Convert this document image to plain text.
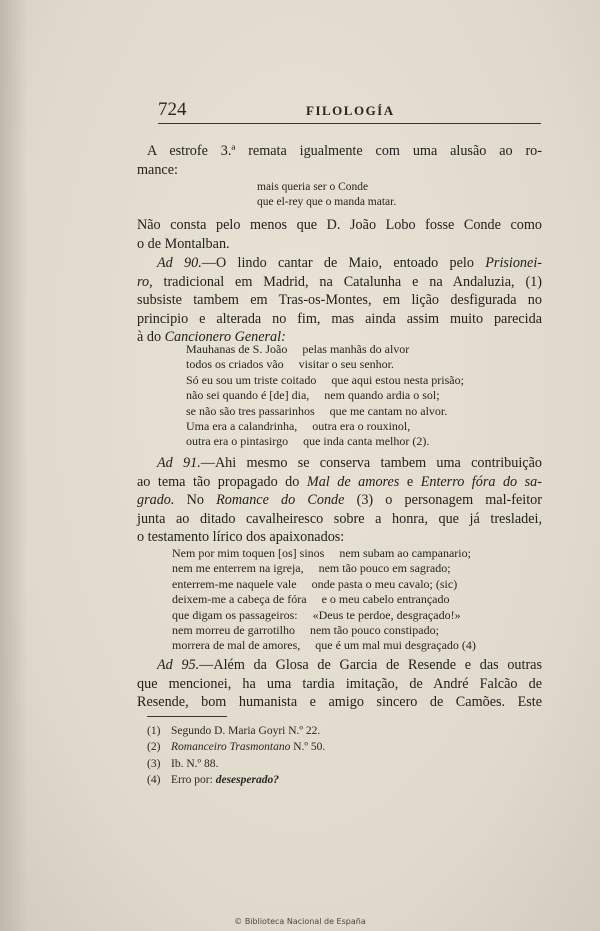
724	FILOLOGÍA
A estrofe 3.ª remata igualmente com uma alusão ao ro-
mance:
mais queria ser o Conde
que el-rey que o manda matar.
Não consta pelo menos que D. João Lobo fosse Conde como
o de Montalban.
Ad 90.—O lindo cantar de Maio, entoado pelo Prisionei-
ro, tradicional em Madrid, na Catalunha e na Andaluzia, (1)
subsiste tambem em Tras-os-Montes, em lição desfigurada no
principio e alterada no fim, mas ainda assim muito parecida
à do Cancionero General:
Mauhanas de S. João     pelas manhãs do alvor
todos os criados vão     visitar o seu senhor.
Só eu sou um triste coitado     que aqui estou nesta prisão;
não sei quando é [de] dia,     nem quando ardia o sol;
se não são tres passarinhos     que me cantam no alvor.
Uma era a calandrinha,     outra era o rouxinol,
outra era o pintasirgo     que inda canta melhor (2).
Ad 91.—Ahi mesmo se conserva tambem uma contribuição
ao tema tão propagado do Mal de amores e Enterro fóra do sa-
grado. No Romance do Conde (3) o personagem mal-feitor
junta ao ditado cavalheiresco sobre a honra, que já tresladei,
o testamento lírico dos apaixonados:
Nem por mim toquen [os] sinos     nem subam ao campanario;
nem me enterrem na igreja,     nem tão pouco em sagrado;
enterrem-me naquele vale     onde pasta o meu cavalo; (sic)
deixem-me a cabeça de fóra     e o meu cabelo entrançado
que digam os passageiros:     «Deus te perdoe, desgraçado!»
nem morreu de garrotilho     nem tão pouco constipado;
morrera de mal de amores,     que é um mal mui desgraçado (4)
Ad 95.—Além da Glosa de Garcia de Resende e das outras
que mencionei, ha uma tardia imitação, de André Falcão de
Resende, bom humanista e amigo sincero de Camões. Este
(1) Segundo D. Maria Goyri N.º 22.
(2) Romanceiro Trasmontano N.º 50.
(3) Ib. N.º 88.
(4) Erro por: desesperado?
© Biblioteca Nacional de España
